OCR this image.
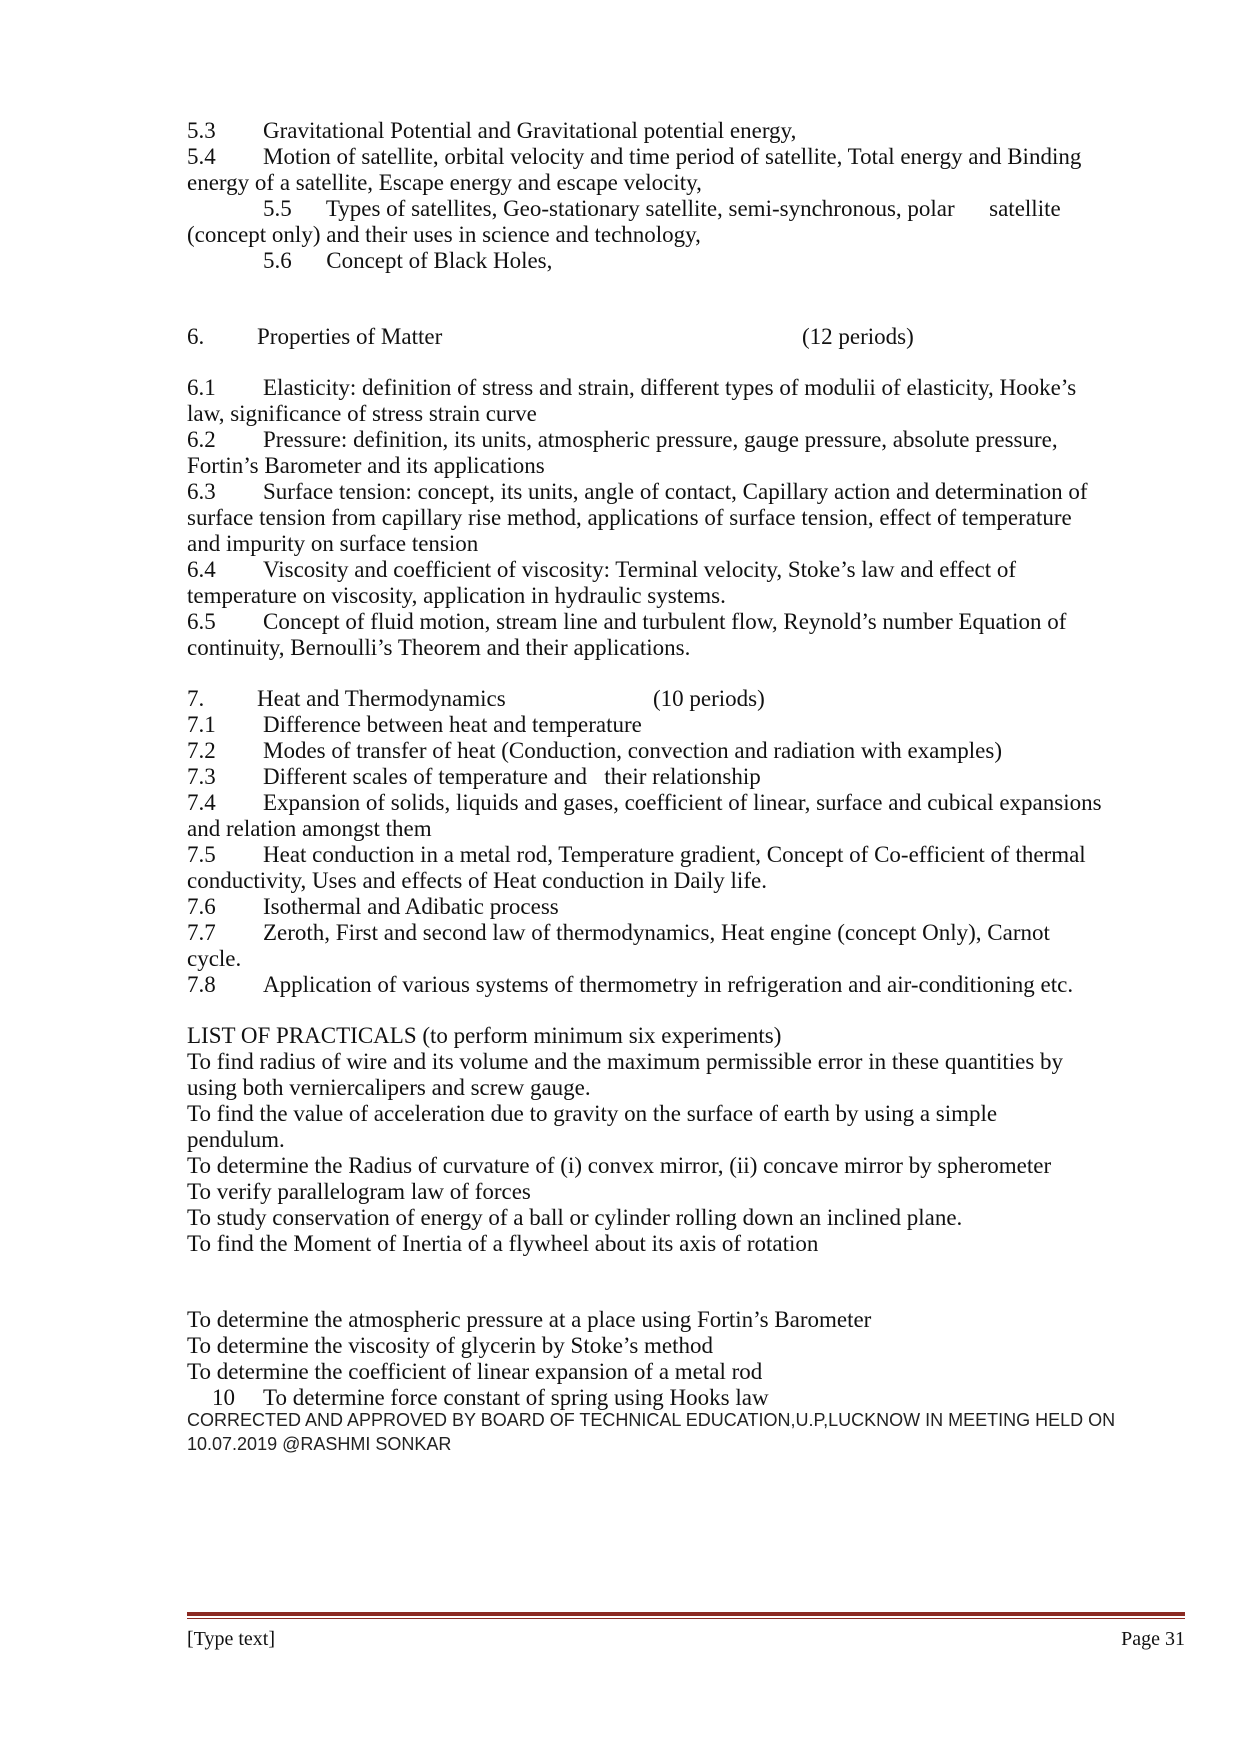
5.3 Gravitational Potential and Gravitational potential energy,
5.4 Motion of satellite, orbital velocity and time period of satellite, Total energy and Binding
energy of a satellite, Escape energy and escape velocity,
5.5      Types of satellites, Geo-stationary satellite, semi-synchronous, polar      satellite
(concept only) and their uses in science and technology,
5.6      Concept of Black Holes,
6. Properties of Matter	(12 periods)
6.1 Elasticity: definition of stress and strain, different types of modulii of elasticity, Hooke’s
law, significance of stress strain curve
6.2 Pressure: definition, its units, atmospheric pressure, gauge pressure, absolute pressure,
Fortin’s Barometer and its applications
6.3 Surface tension: concept, its units, angle of contact, Capillary action and determination of
surface tension from capillary rise method, applications of surface tension, effect of temperature
and impurity on surface tension
6.4 Viscosity and coefficient of viscosity: Terminal velocity, Stoke’s law and effect of
temperature on viscosity, application in hydraulic systems.
6.5 Concept of fluid motion, stream line and turbulent flow, Reynold’s number Equation of
continuity, Bernoulli’s Theorem and their applications.
7. Heat and Thermodynamics	(10 periods)
7.1 Difference between heat and temperature
7.2 Modes of transfer of heat (Conduction, convection and radiation with examples)
7.3 Different scales of temperature and   their relationship
7.4 Expansion of solids, liquids and gases, coefficient of linear, surface and cubical expansions
and relation amongst them
7.5 Heat conduction in a metal rod, Temperature gradient, Concept of Co-efficient of thermal
conductivity, Uses and effects of Heat conduction in Daily life.
7.6 Isothermal and Adibatic process
7.7 Zeroth, First and second law of thermodynamics, Heat engine (concept Only), Carnot
cycle.
7.8 Application of various systems of thermometry in refrigeration and air-conditioning etc.
LIST OF PRACTICALS (to perform minimum six experiments)
To find radius of wire and its volume and the maximum permissible error in these quantities by
using both verniercalipers and screw gauge.
To find the value of acceleration due to gravity on the surface of earth by using a simple
pendulum.
To determine the Radius of curvature of (i) convex mirror, (ii) concave mirror by spherometer
To verify parallelogram law of forces
To study conservation of energy of a ball or cylinder rolling down an inclined plane.
To find the Moment of Inertia of a flywheel about its axis of rotation
To determine the atmospheric pressure at a place using Fortin’s Barometer
To determine the viscosity of glycerin by Stoke’s method
To determine the coefficient of linear expansion of a metal rod
10 To determine force constant of spring using Hooks law
CORRECTED AND APPROVED BY BOARD OF TECHNICAL EDUCATION,U.P,LUCKNOW IN MEETING HELD ON
10.07.2019 @RASHMI SONKAR
[Type text]	Page 31
